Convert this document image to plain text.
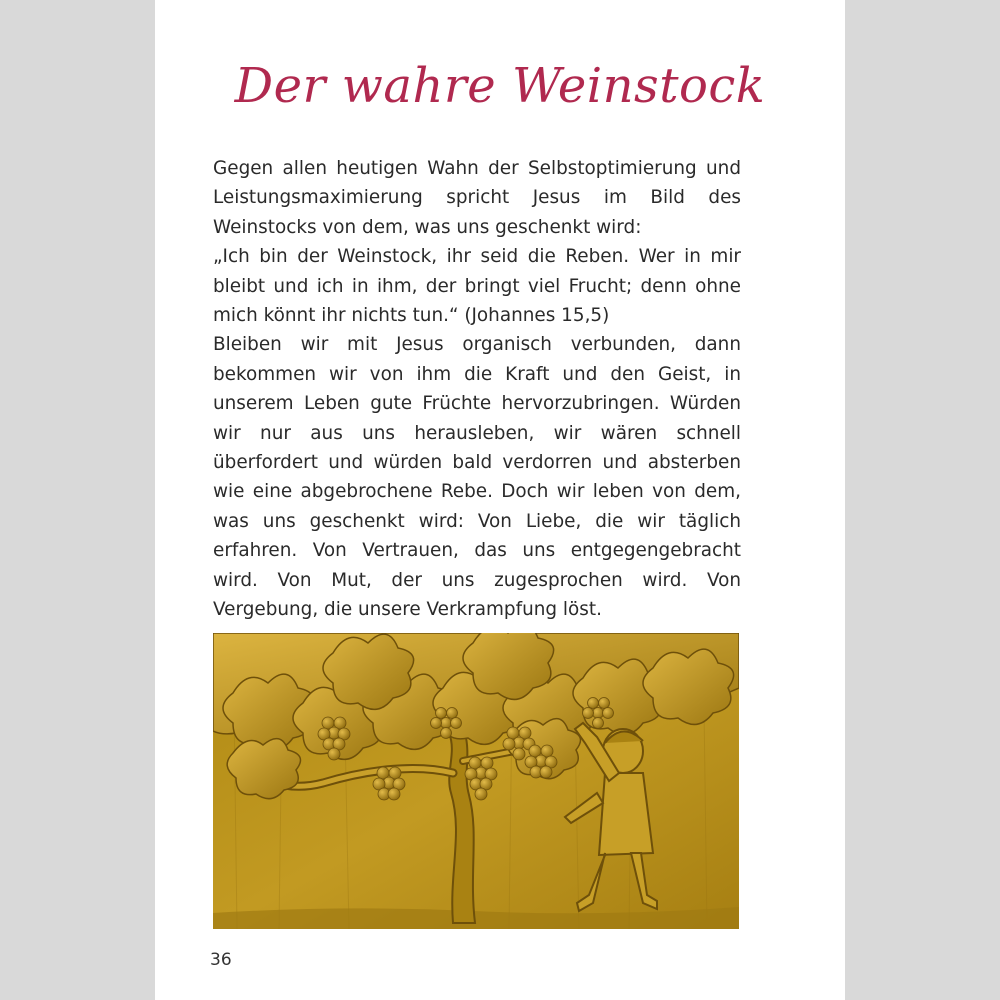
Der wahre Weinstock

Gegen allen heutigen Wahn der Selbstoptimierung und Leistungsmaximierung spricht Jesus im Bild des Weinstocks von dem, was uns geschenkt wird:

„Ich bin der Weinstock, ihr seid die Reben. Wer in mir bleibt und ich in ihm, der bringt viel Frucht; denn ohne mich könnt ihr nichts tun.“ (Johannes 15,5)

Bleiben wir mit Jesus organisch verbunden, dann bekommen wir von ihm die Kraft und den Geist, in unserem Leben gute Früchte hervorzubringen. Würden wir nur aus uns herausleben, wir wären schnell überfordert und würden bald verdorren und absterben wie eine abgebrochene Rebe. Doch wir leben von dem, was uns geschenkt wird: Von Liebe, die wir täglich erfahren. Von Vertrauen, das uns entgegengebracht wird. Von Mut, der uns zugesprochen wird. Von Vergebung, die unsere Verkrampfung löst.

36
